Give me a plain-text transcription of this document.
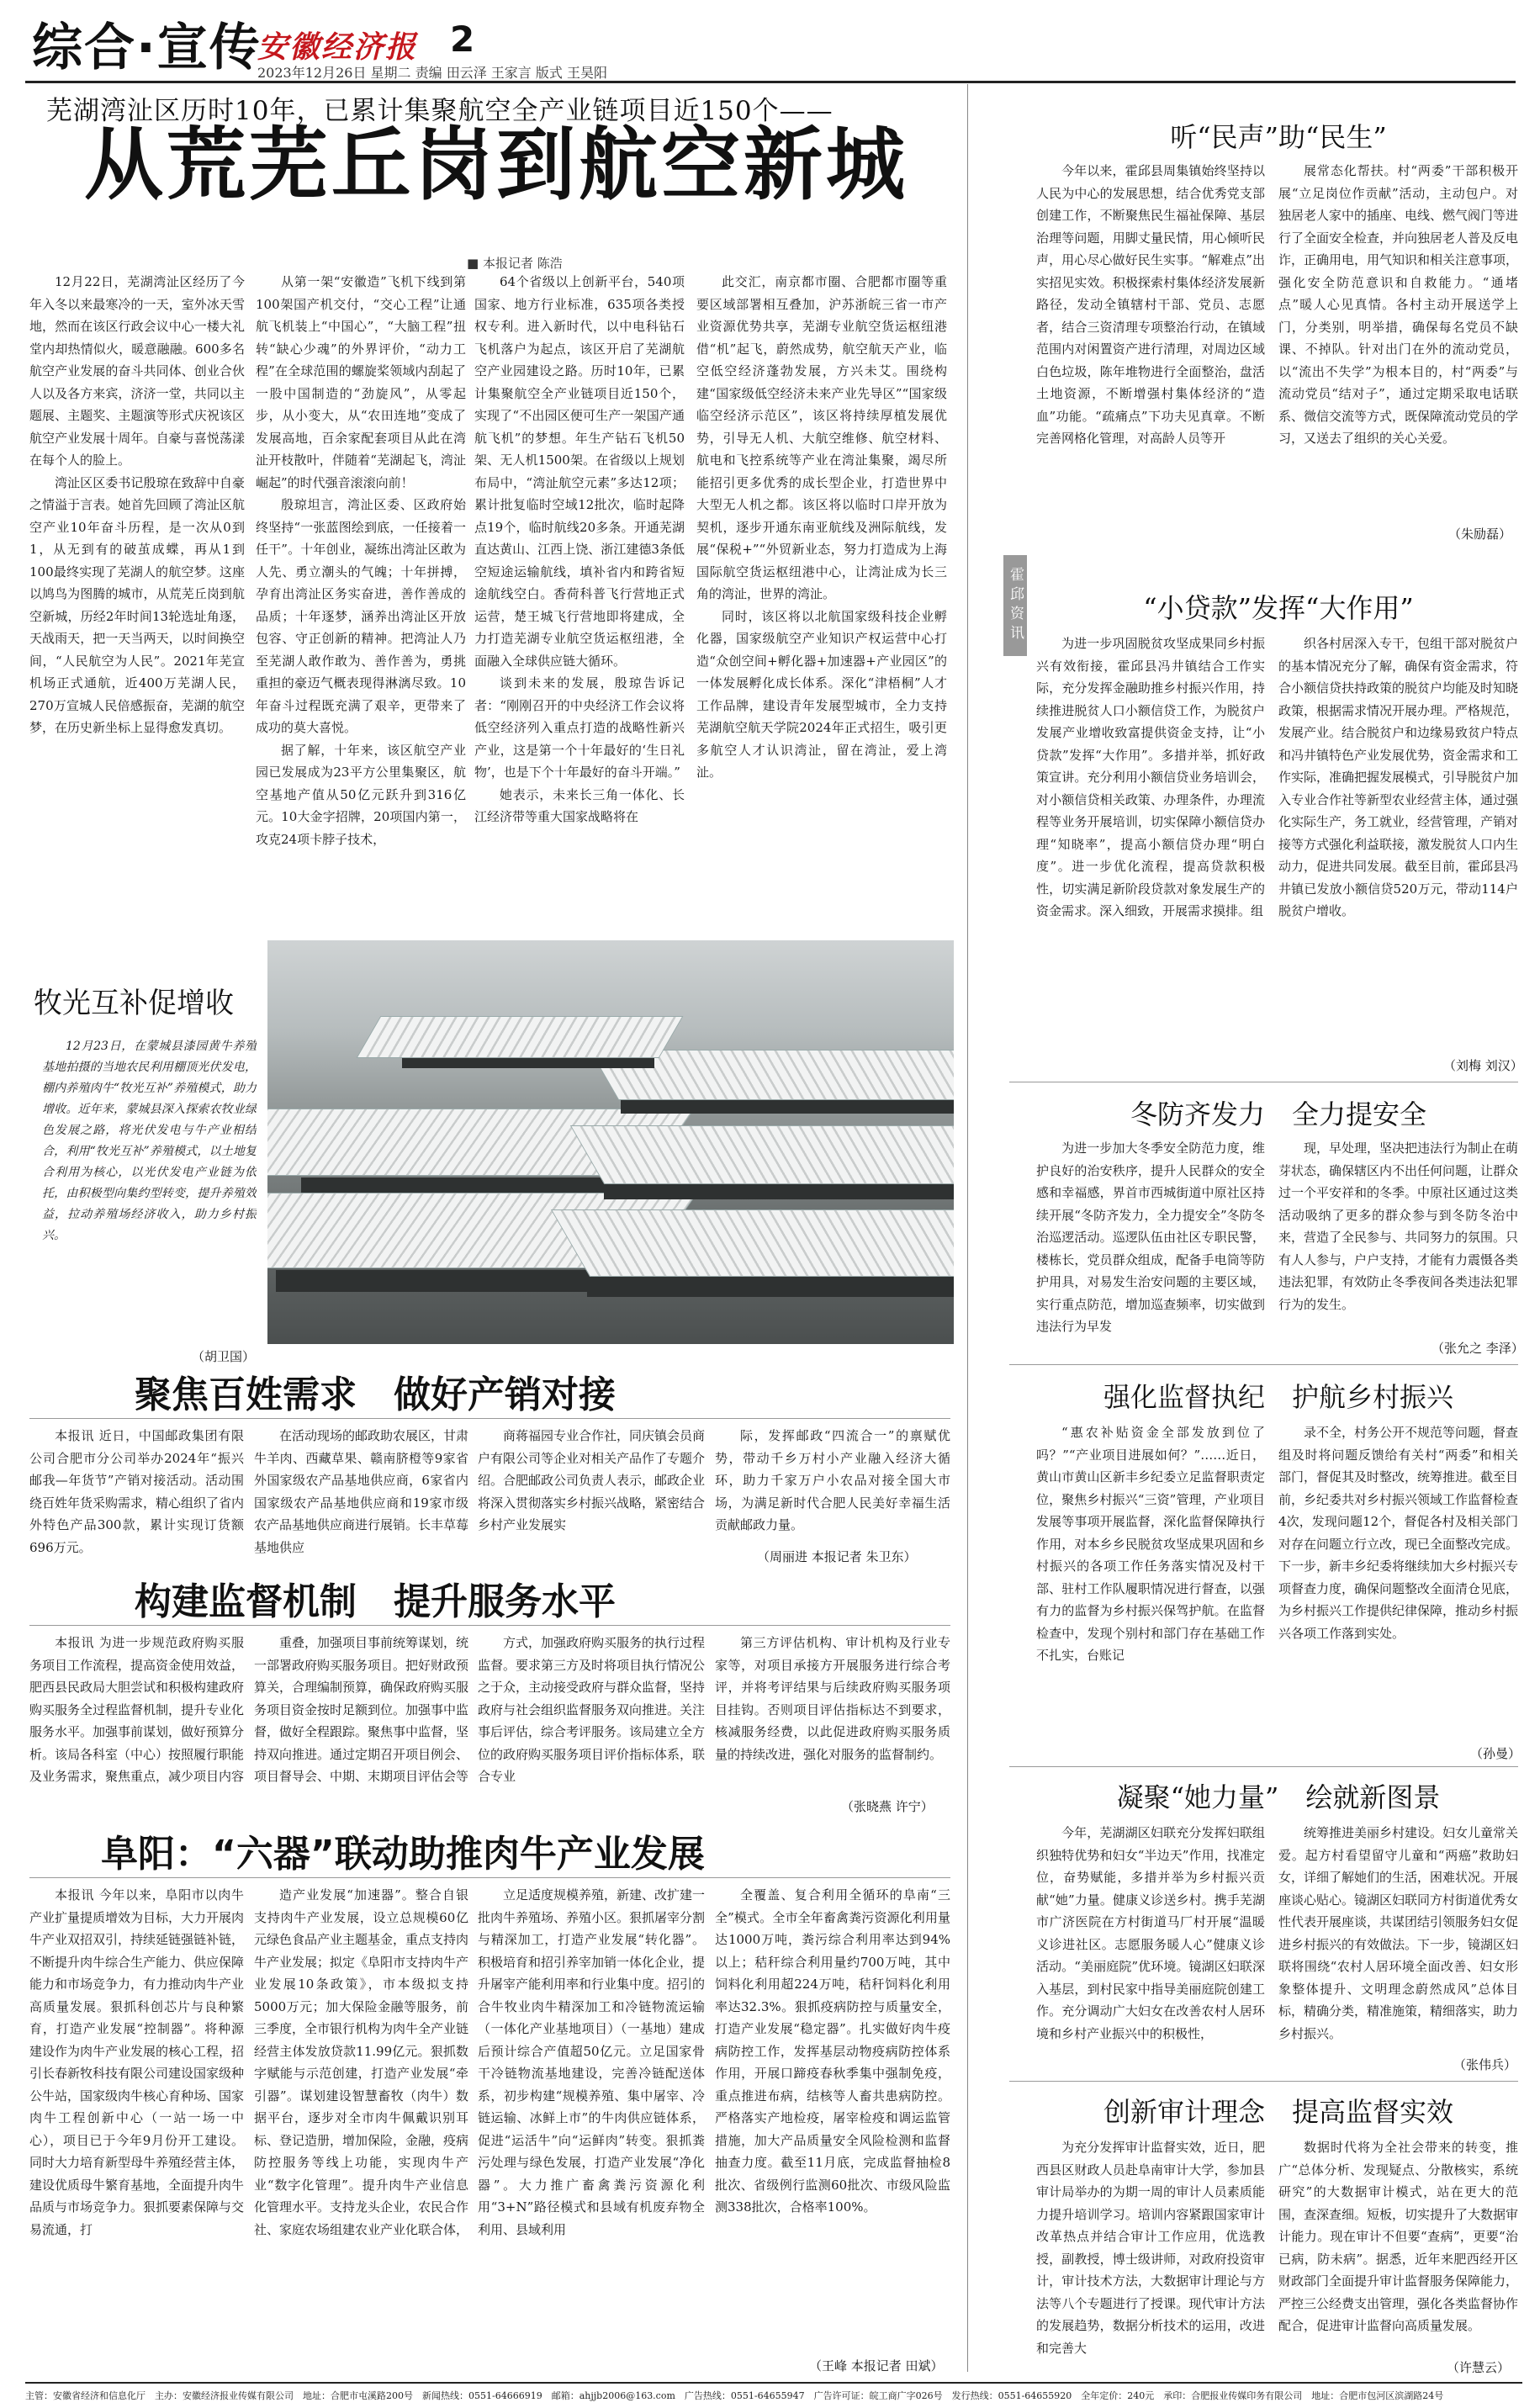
综合·宣传
安徽经济报 2
2023年12月26日 星期二 责编 田云泽 王家言 版式 王昊阳
芜湖湾沚区历时10年，已累计集聚航空全产业链项目近150个——
从荒芜丘岗到航空新城
■ 本报记者 陈浩

12月22日，芜湖湾沚区经历了今年入冬以来最寒冷的一天，室外冰天雪地，然而在该区行政会议中心一楼大礼堂内却热情似火，暖意融融。600多名航空产业发展的奋斗共同体、创业合伙人以及各方来宾，济济一堂，共同以主题展、主题奖、主题演等形式庆祝该区航空产业发展十周年。自豪与喜悦荡漾在每个人的脸上。

湾沚区区委书记殷琼在致辞中自豪之情溢于言表。她首先回顾了湾沚区航空产业10年奋斗历程，是一次从0到1，从无到有的破茧成蝶，再从1到100最终实现了芜湖人的航空梦。这座以鸠鸟为图腾的城市，从荒芜丘岗到航空新城，历经2年时间13轮选址角逐，天战雨天，把一天当两天，以时间换空间，“人民航空为人民”。2021年芜宣机场正式通航，近400万芜湖人民，270万宣城人民倍感振奋，芜湖的航空梦，在历史新坐标上显得愈发真切。

从第一架“安徽造”飞机下线到第100架国产机交付，“交心工程”让通航飞机装上“中国心”，“大脑工程”扭转“缺心少魂”的外界评价，“动力工程”在全球范围的螺旋桨领域内刮起了一股中国制造的“劲旋风”，从零起步，从小变大，从“农田连地”变成了发展高地，百余家配套项目从此在湾沚开枝散叶，伴随着“芜湖起飞，湾沚崛起”的时代强音滚滚向前！

殷琼坦言，湾沚区委、区政府始终坚持“一张蓝图绘到底，一任接着一任干”。十年创业，凝练出湾沚区敢为人先、勇立潮头的气魄；十年拼搏，孕育出湾沚区务实奋进，善作善成的品质；十年逐梦，涵养出湾沚区开放包容、守正创新的精神。把湾沚人乃至芜湖人敢作敢为、善作善为，勇挑重担的豪迈气概表现得淋漓尽致。10年奋斗过程既充满了艰辛，更带来了成功的莫大喜悦。

据了解，十年来，该区航空产业园已发展成为23平方公里集聚区，航空基地产值从50亿元跃升到316亿元。10大金字招牌，20项国内第一，攻克24项卡脖子技术，

64个省级以上创新平台，540项国家、地方行业标准，635项各类授权专利。进入新时代，以中电科钻石飞机落户为起点，该区开启了芜湖航空产业园建设之路。历时10年，已累计集聚航空全产业链项目近150个，实现了“不出园区便可生产一架国产通航飞机”的梦想。年生产钻石飞机50架、无人机1500架。在省级以上规划布局中，“湾沚航空元素”多达12项；累计批复临时空域12批次，临时起降点19个，临时航线20多条。开通芜湖直达黄山、江西上饶、浙江建德3条低空短途运输航线，填补省内和跨省短途航线空白。香荷科普飞行营地正式运营，楚王城飞行营地即将建成，全力打造芜湖专业航空货运枢纽港，全面融入全球供应链大循环。

谈到未来的发展，殷琼告诉记者：“刚刚召开的中央经济工作会议将低空经济列入重点打造的战略性新兴产业，这是第一个十年最好的‘生日礼物’，也是下个十年最好的奋斗开端。”

她表示，未来长三角一体化、长江经济带等重大国家战略将在

此交汇，南京都市圈、合肥都市圈等重要区域部署相互叠加，沪苏浙皖三省一市产业资源优势共享，芜湖专业航空货运枢纽港借“机”起飞，蔚然成势，航空航天产业，临空低空经济蓬勃发展，方兴未艾。围绕构建“国家级低空经济未来产业先导区”“国家级临空经济示范区”，该区将持续厚植发展优势，引导无人机、大航空维修、航空材料、航电和飞控系统等产业在湾沚集聚，竭尽所能招引更多优秀的成长型企业，打造世界中大型无人机之都。该区将以临时口岸开放为契机，逐步开通东南亚航线及洲际航线，发展“保税+”“外贸新业态，努力打造成为上海国际航空货运枢纽港中心，让湾沚成为长三角的湾沚，世界的湾沚。

同时，该区将以北航国家级科技企业孵化器，国家级航空产业知识产权运营中心打造“众创空间+孵化器+加速器+产业园区”的一体发展孵化成长体系。深化“津梧桐”人才工作品牌，建设青年发展型城市，全力支持芜湖航空航天学院2024年正式招生，吸引更多航空人才认识湾沚，留在湾沚，爱上湾沚。

牧光互补促增收

12月23日，在蒙城县漆园黄牛养殖基地拍摄的当地农民利用棚顶光伏发电，棚内养殖肉牛“牧光互补”养殖模式，助力增收。近年来，蒙城县深入探索农牧业绿色发展之路，将光伏发电与牛产业相结合，利用“牧光互补”养殖模式，以土地复合利用为核心，以光伏发电产业链为依托，由积极型向集约型转变，提升养殖效益，拉动养殖场经济收入，助力乡村振兴。

（胡卫国）
聚焦百姓需求　做好产销对接

本报讯 近日，中国邮政集团有限公司合肥市分公司举办2024年“振兴邮我—年货节”产销对接活动。活动围绕百姓年货采购需求，精心组织了省内外特色产品300款，累计实现订货额696万元。

在活动现场的邮政助农展区，甘肃牛羊肉、西藏草果、赣南脐橙等9家省外国家级农产品基地供应商，6家省内国家级农产品基地供应商和19家市级农产品基地供应商进行展销。长丰草莓基地供应

商蒋福园专业合作社，同庆镇会员商户有限公司等企业对相关产品作了专题介绍。合肥邮政公司负责人表示，邮政企业将深入贯彻落实乡村振兴战略，紧密结合乡村产业发展实

际，发挥邮政“四流合一”的禀赋优势，带动千乡万村小产业融入经济大循环，助力千家万户小农品对接全国大市场，为满足新时代合肥人民美好幸福生活贡献邮政力量。

（周丽进 本报记者 朱卫东）
构建监督机制　提升服务水平

本报讯 为进一步规范政府购买服务项目工作流程，提高资金使用效益，肥西县民政局大胆尝试和积极构建政府购买服务全过程监督机制，提升专业化服务水平。加强事前谋划，做好预算分析。该局各科室（中心）按照履行职能及业务需求，聚焦重点，减少项目内容

重叠，加强项目事前统筹谋划，统一部署政府购买服务项目。把好财政预算关，合理编制预算，确保政府购买服务项目资金按时足额到位。加强事中监督，做好全程跟踪。聚焦事中监督，坚持双向推进。通过定期召开项目例会、项目督导会、中期、末期项目评估会等

方式，加强政府购买服务的执行过程监督。要求第三方及时将项目执行情况公之于众，主动接受政府与群众监督，坚持政府与社会组织监督服务双向推进。关注事后评估，综合考评服务。该局建立全方位的政府购买服务项目评价指标体系，联合专业

第三方评估机构、审计机构及行业专家等，对项目承接方开展服务进行综合考评，并将考评结果与后续政府购买服务项目挂钩。否则项目评估指标达不到要求，核减服务经费，以此促进政府购买服务质量的持续改进，强化对服务的监督制约。

（张晓燕 许宁）
阜阳：“六器”联动助推肉牛产业发展

本报讯 今年以来，阜阳市以肉牛产业扩量提质增效为目标，大力开展肉牛产业双招双引，持续延链强链补链，不断提升肉牛综合生产能力、供应保障能力和市场竞争力，有力推动肉牛产业高质量发展。狠抓科创芯片与良种繁育，打造产业发展“控制器”。将种源建设作为肉牛产业发展的核心工程，招引长春新牧科技有限公司建设国家级种公牛站，国家级肉牛核心育种场、国家肉牛工程创新中心（一站一场一中心），项目已于今年9月份开工建设。同时大力培育新型母牛养殖经营主体，建设优质母牛繁育基地，全面提升肉牛品质与市场竞争力。狠抓要素保障与交易流通，打

造产业发展“加速器”。整合自银支持肉牛产业发展，设立总规模60亿元绿色食品产业主题基金，重点支持肉牛产业发展；拟定《阜阳市支持肉牛产业发展10条政策》，市本级拟支持5000万元；加大保险金融等服务，前三季度，全市银行机构为肉牛全产业链经营主体发放贷款11.99亿元。狠抓数字赋能与示范创建，打造产业发展“牵引器”。谋划建设智慧畜牧（肉牛）数据平台，逐步对全市肉牛佩戴识别耳标、登记造册，增加保险，金融，疫病防控服务等线上功能，实现肉牛产业“数字化管理”。提升肉牛产业信息化管理水平。支持龙头企业，农民合作社、家庭农场组建农业产业化联合体，

立足适度规模养殖，新建、改扩建一批肉牛养殖场、养殖小区。狠抓屠宰分割与精深加工，打造产业发展“转化器”。积极培育和招引养宰加销一体化企业，提升屠宰产能利用率和行业集中度。招引的合牛牧业肉牛精深加工和冷链物流运输（一体化产业基地项目）（一基地）建成后预计综合产值超50亿元。立足国家骨干冷链物流基地建设，完善冷链配送体系，初步构建“规模养殖、集中屠宰、冷链运输、冰鲜上市”的牛肉供应链体系，促进“运活牛”向“运鲜肉”转变。狠抓粪污处理与绿色发展，打造产业发展“净化器”。大力推广畜禽粪污资源化利用“3+N”路径模式和县域有机废弃物全利用、县域利用

全覆盖、复合利用全循环的阜南“三全”模式。全市全年畜禽粪污资源化利用量达1000万吨，粪污综合利用率达到94%以上；秸秆综合利用量约700万吨，其中饲料化利用超224万吨，秸秆饲料化利用率达32.3%。狠抓疫病防控与质量安全，打造产业发展“稳定器”。扎实做好肉牛疫病防控工作，发挥基层动物疫病防控体系作用，开展口蹄疫春秋季集中强制免疫，重点推进布病，结核等人畜共患病防控。严格落实产地检疫，屠宰检疫和调运监管措施，加大产品质量安全风险检测和监督抽查力度。截至11月底，完成监督抽检8批次、省级例行监测60批次、市级风险监测338批次，合格率100%。

（王峰 本报记者 田斌）
霍邱资讯
听“民声”助“民生”

今年以来，霍邱县周集镇始终坚持以人民为中心的发展思想，结合优秀党支部创建工作，不断聚焦民生福祉保障、基层治理等问题，用脚丈量民情，用心倾听民声，用心尽心做好民生实事。“解难点”出实招见实效。积极探索村集体经济发展新路径，发动全镇辖村干部、党员、志愿者，结合三资清理专项整治行动，在镇域范围内对闲置资产进行清理，对周边区域白色垃圾，陈年堆物进行全面整治，盘活土地资源，不断增强村集体经济的“造血”功能。“疏痛点”下功夫见真章。不断完善网格化管理，对高龄人员等开

展常态化帮扶。村“两委”干部积极开展“立足岗位作贡献”活动，主动包户。对独居老人家中的插座、电线、燃气阀门等进行了全面安全检查，并向独居老人普及反电诈，正确用电，用气知识和相关注意事项，强化安全防范意识和自救能力。“通堵点”暖人心见真情。各村主动开展送学上门，分类别，明举措，确保每名党员不缺课、不掉队。针对出门在外的流动党员，以“流出不失学”为根本目的，村“两委”与流动党员“结对子”，通过定期采取电话联系、微信交流等方式，既保障流动党员的学习，又送去了组织的关心关爱。

（朱励磊）
“小贷款”发挥“大作用”

为进一步巩固脱贫攻坚成果同乡村振兴有效衔接，霍邱县冯井镇结合工作实际，充分发挥金融助推乡村振兴作用，持续推进脱贫人口小额信贷工作，为脱贫户发展产业增收致富提供资金支持，让“小贷款”发挥“大作用”。多措并举，抓好政策宣讲。充分利用小额信贷业务培训会，对小额信贷相关政策、办理条件，办理流程等业务开展培训，切实保障小额信贷办理“知晓率”，提高小额信贷办理“明白度”。进一步优化流程，提高贷款积极性，切实满足新阶段贷款对象发展生产的资金需求。深入细致，开展需求摸排。组

织各村居深入专干，包组干部对脱贫户的基本情况充分了解，确保有资金需求，符合小额信贷扶持政策的脱贫户均能及时知晓政策，根据需求情况开展办理。严格规范，发展产业。结合脱贫户和边缘易致贫户特点和冯井镇特色产业发展优势，资金需求和工作实际，准确把握发展模式，引导脱贫户加入专业合作社等新型农业经营主体，通过强化实际生产，务工就业，经营管理，产销对接等方式强化利益联接，激发脱贫人口内生动力，促进共同发展。截至目前，霍邱县冯井镇已发放小额信贷520万元，带动114户脱贫户增收。

（刘梅 刘汉）
冬防齐发力　全力提安全

为进一步加大冬季安全防范力度，维护良好的治安秩序，提升人民群众的安全感和幸福感，界首市西城街道中原社区持续开展“冬防齐发力，全力提安全”冬防冬治巡逻活动。巡逻队伍由社区专职民警，楼栋长，党员群众组成，配备手电筒等防护用具，对易发生治安问题的主要区域，实行重点防范，增加巡查频率，切实做到违法行为早发

现，早处理，坚决把违法行为制止在萌芽状态，确保辖区内不出任何问题，让群众过一个平安祥和的冬季。中原社区通过这类活动吸纳了更多的群众参与到冬防冬治中来，营造了全民参与、共同努力的氛围。只有人人参与，户户支持，才能有力震慑各类违法犯罪，有效防止冬季夜间各类违法犯罪行为的发生。

（张允之 李泽）
强化监督执纪　护航乡村振兴

“惠农补贴资金全部发放到位了吗？”“产业项目进展如何？”……近日，黄山市黄山区新丰乡纪委立足监督职责定位，聚焦乡村振兴“三资”管理，产业项目发展等事项开展监督，深化监督保障执行作用，对本乡乡民脱贫攻坚成果巩固和乡村振兴的各项工作任务落实情况及村干部、驻村工作队履职情况进行督查，以强有力的监督为乡村振兴保驾护航。在监督检查中，发现个别村和部门存在基础工作不扎实，台账记

录不全，村务公开不规范等问题，督查组及时将问题反馈给有关村“两委”和相关部门，督促其及时整改，统筹推进。截至目前，乡纪委共对乡村振兴领域工作监督检查4次，发现问题12个，督促各村及相关部门对存在问题立行立改，现已全面整改完成。下一步，新丰乡纪委将继续加大乡村振兴专项督查力度，确保问题整改全面清仓见底，为乡村振兴工作提供纪律保障，推动乡村振兴各项工作落到实处。

（孙曼）
凝聚“她力量”　绘就新图景

今年，芜湖湖区妇联充分发挥妇联组织独特优势和妇女“半边天”作用，找准定位，奋势赋能，多措并举为乡村振兴贡献“她”力量。健康义诊送乡村。携手芜湖市广济医院在方村街道马厂村开展“温暖义诊进社区。志愿服务暖人心”健康义诊活动。“美丽庭院”优环境。镜湖区妇联深入基层，到村民家中指导美丽庭院创建工作。充分调动广大妇女在改善农村人居环境和乡村产业振兴中的积极性，

统筹推进美丽乡村建设。妇女儿童常关爱。起方村看望留守儿童和“两癌”救助妇女，详细了解她们的生活，困难状况。开展座谈心贴心。镜湖区妇联同方村街道优秀女性代表开展座谈，共谋团结引领服务妇女促进乡村振兴的有效做法。下一步，镜湖区妇联将围绕“农村人居环境全面改善、妇女形象整体提升、文明理念蔚然成风”总体目标，精确分类，精准施策，精细落实，助力乡村振兴。

（张伟兵）
创新审计理念　提高监督实效

为充分发挥审计监督实效，近日，肥西县区财政人员赴阜南审计大学，参加县审计局举办的为期一周的审计人员素质能力提升培训学习。培训内容紧跟国家审计改革热点并结合审计工作应用，优选教授，副教授，博士级讲师，对政府投资审计，审计技术方法，大数据审计理论与方法等八个专题进行了授课。现代审计方法的发展趋势，数据分析技术的运用，改进和完善大

数据时代将为全社会带来的转变，推广“总体分析、发现疑点、分散核实，系统研究”的大数据审计模式，站在更大的范围，查深查细。短板，切实提升了大数据审计能力。现在审计不但要“查病”，更要“治已病，防未病”。据悉，近年来肥西经开区财政部门全面提升审计监督服务保障能力，严控三公经费支出管理，强化各类监督协作配合，促进审计监督向高质量发展。

（许慧云）
主管：安徽省经济和信息化厅　主办：安徽经济报业传媒有限公司　地址：合肥市屯溪路200号　新闻热线：0551-64666919　邮箱：ahjjb2006@163.com　广告热线：0551-64655947　广告许可证：皖工商广字026号　发行热线：0551-64655920　全年定价：240元　承印：合肥报业传媒印务有限公司　地址：合肥市包河区滨湖路24号
